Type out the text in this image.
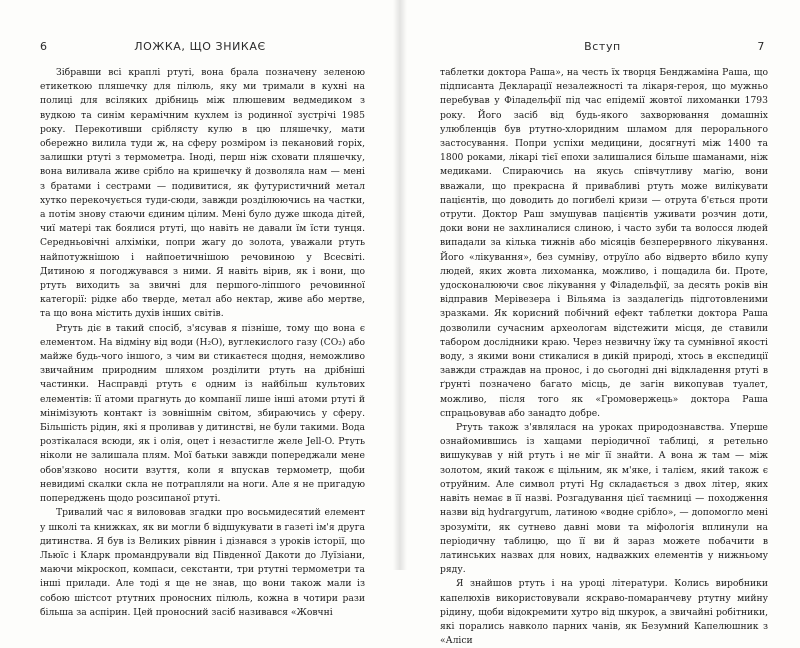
6	ЛОЖКА, ЩО ЗНИКАЄ

Зібравши всі краплі ртуті, вона брала позначену зеленою етикеткою пляшечку для пілюль, яку ми тримали в кухні на полиці для всіляких дрібниць між плюшевим ведмедиком з вудкою та синім керамічним кухлем із родинної зустрічі 1985 року. Перекотивши сріблясту кулю в цю пляшечку, мати обережно вилила туди ж, на сферу розміром із пекановий горіх, залишки ртуті з термометра. Іноді, перш ніж сховати пляшечку, вона виливала живе срібло на кришечку й дозволяла нам — мені з братами і сестрами — подивитися, як футуристичний метал хутко перекочується туди-сюди, завжди розділюючись на частки, а потім знову стаючи єдиним цілим. Мені було дуже шкода дітей, чиї матері так боялися ртуті, що навіть не давали їм їсти тунця. Середньовічні алхіміки, попри жагу до золота, уважали ртуть найпотужнішою і найпоетичнішою речовиною у Всесвіті. Дитиною я погоджувався з ними. Я навіть вірив, як і вони, що ртуть виходить за звичні для першого-ліпшого речовинної категорії: рідке або тверде, метал або нектар, живе або мертве, та що вона містить духів інших світів.

Ртуть діє в такий спосіб, з'ясував я пізніше, тому що вона є елементом. На відміну від води (H₂O), вуглекислого газу (CO₂) або майже будь-чого іншого, з чим ви стикаєтеся щодня, неможливо звичайним природним шляхом розділити ртуть на дрібніші частинки. Насправді ртуть є одним із найбільш культових елементів: її атоми прагнуть до компанії лише інші атоми ртуті й мінімізують контакт із зовнішнім світом, збираючись у сферу. Більшість рідин, які я проливав у дитинстві, не були такими. Вода розтікалася всюди, як і олія, оцет і незастиглe желе Jell-O. Ртуть ніколи не залишала плям. Мої батьки завжди попереджали мене обов'язково носити взуття, коли я впускав термометр, щоби невидимі скалки скла не потрапляли на ноги. Але я не пригадую попереджень щодо розсипаної ртуті.

Тривалий час я вилововав згадки про восьмидесятий елемент у школі та книжках, як ви могли б відшукувати в газеті ім'я друга дитинства. Я був із Великих рівнин і дізнався з уроків історії, що Льюїс і Кларк промандрували від Південної Дакоти до Луїзіани, маючи мікроскоп, компаси, секстанти, три ртутні термометри та інші прилади. Але тоді я ще не знав, що вони також мали із собою шістсот ртутних проносних пілюль, кожна в чотири рази більша за аспірин. Цей проносний засіб називався «Жовчні

Вступ	7

таблетки доктора Раша», на честь їх творця Бенджаміна Раша, що підписанта Декларації незалежності та лікаря-героя, що мужньо перебував у Філадельфії під час епідемії жовтої лихоманки 1793 року. Його засіб від будь-якого захворювання домашніх улюбленців був ртутно-хлоридним шламом для перорального застосування. Попри успіхи медицини, досягнуті між 1400 та 1800 роками, лікарі тієї епохи залишалися більше шаманами, ніж медиками. Спираючись на якусь співчутливу магію, вони вважали, що прекрасна й привабливі ртуть може вилікувати пацієнтів, що доводить до погибелі кризи — отрута б'ється проти отрути. Доктор Раш змушував пацієнтів уживати розчин доти, доки вони не захлиналися слиною, і часто зуби та волосся людей випадали за кілька тижнів або місяців безперервного лікування. Його «лікування», без сумніву, отруїло або відвертo вбило купу людей, яких жовта лихоманка, можливо, і пощадила би. Проте, удосконалюючи своє лікування у Філадельфії, за десять років він відправив Мерівезера і Вільяма із заздалегідь підготовленими зразками. Як корисний побічний ефект таблетки доктора Раша дозволили сучасним археологам відстежити місця, де ставили табором дослідники краю. Через незвичну їжу та сумнівної якості воду, з якими вони стикалися в дикій природі, хтось в експедиції завжди страждав на пронос, і до сьогодні дні відкладення ртуті в ґрунті позначено багато місць, де загін викопував туалет, можливо, після того як «Громовержець» доктора Раша спрацьовував або занадто добре.

Ртуть також з'являлася на уроках природознавства. Уперше ознайомившись із хащами періодичної таблиці, я ретельно вишукував у ній ртуть і не міг її знайти. А вона ж там — між золотом, який також є щільним, як м'яке, і талієм, який також є отруйним. Але символ ртуті Hg складається з двох літер, яких навіть немає в її назві. Розгадування цієї таємниці — походження назви від hydrargyrum, латиною «водне срібло», — допомогло мені зрозуміти, як сутнево давні мови та міфологія вплинули на періодичну таблицю, що її ви й зараз можете побачити в латинських назвах для нових, надважких елементів у нижньому ряду.

Я знайшов ртуть і на уроці літератури. Колись виробники капелюхів використовували яскраво-помаранчеву ртутну мийну рідину, щоби відокремити хутро від шкурок, а звичайні робітники, які порались навколо парних чанів, як Безумний Капелюшник з «Аліси
